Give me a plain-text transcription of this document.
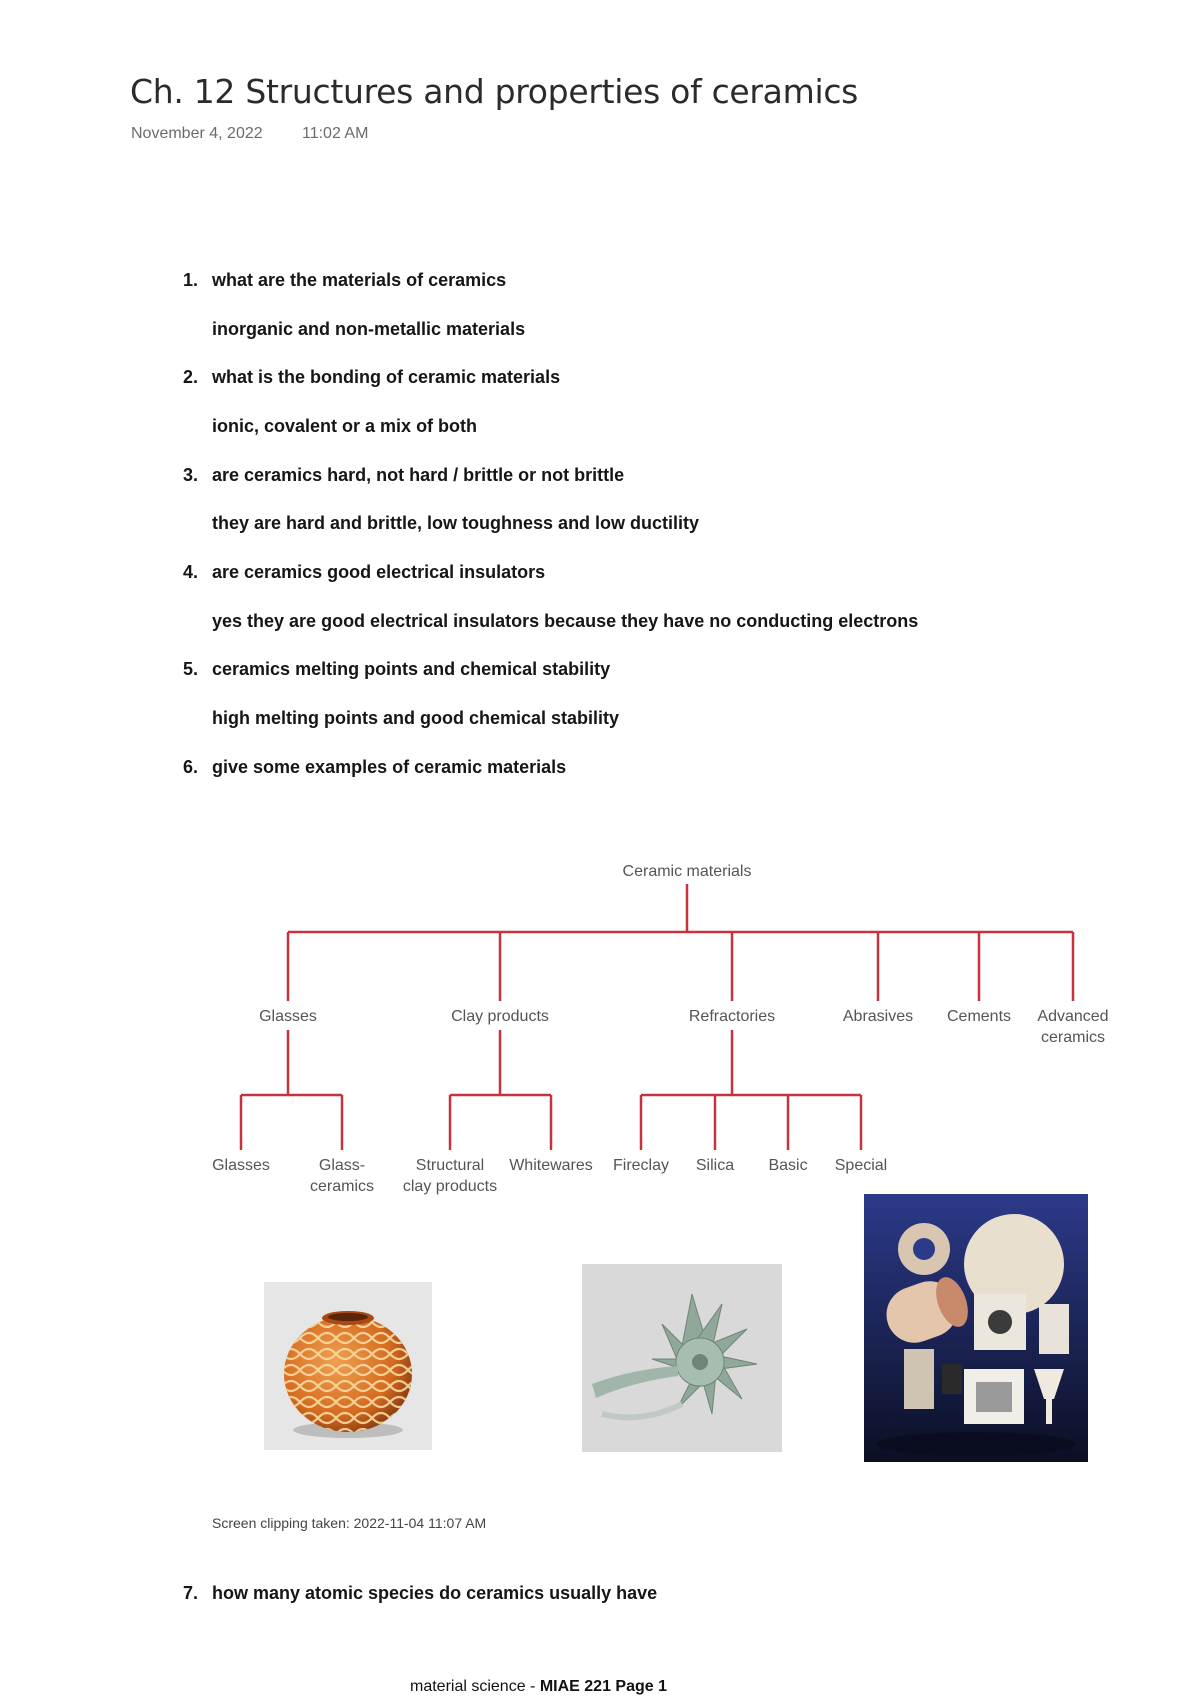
Ch. 12 Structures and properties of ceramics
November 4, 2022 11:02 AM
1. what are the materials of ceramics
inorganic and non-metallic materials
2. what is the bonding of ceramic materials
ionic, covalent or a mix of both
3. are ceramics hard, not hard / brittle or not brittle
they are hard and brittle, low toughness and low ductility
4. are ceramics good electrical insulators
yes they are good electrical insulators because they have no conducting electrons
5. ceramics melting points and chemical stability
high melting points and good chemical stability
6. give some examples of ceramic materials
7. how many atomic species do ceramics usually have
Ceramic materials
Glasses	Clay products	Refractories	Abrasives Cements Advanced
ceramics
Glasses	Glass-
ceramics
Structural
clay products
Whitewares Fireclay Silica Basic Special
Screen clipping taken: 2022-11-04 11:07 AM
material science - MIAE 221 Page 1
